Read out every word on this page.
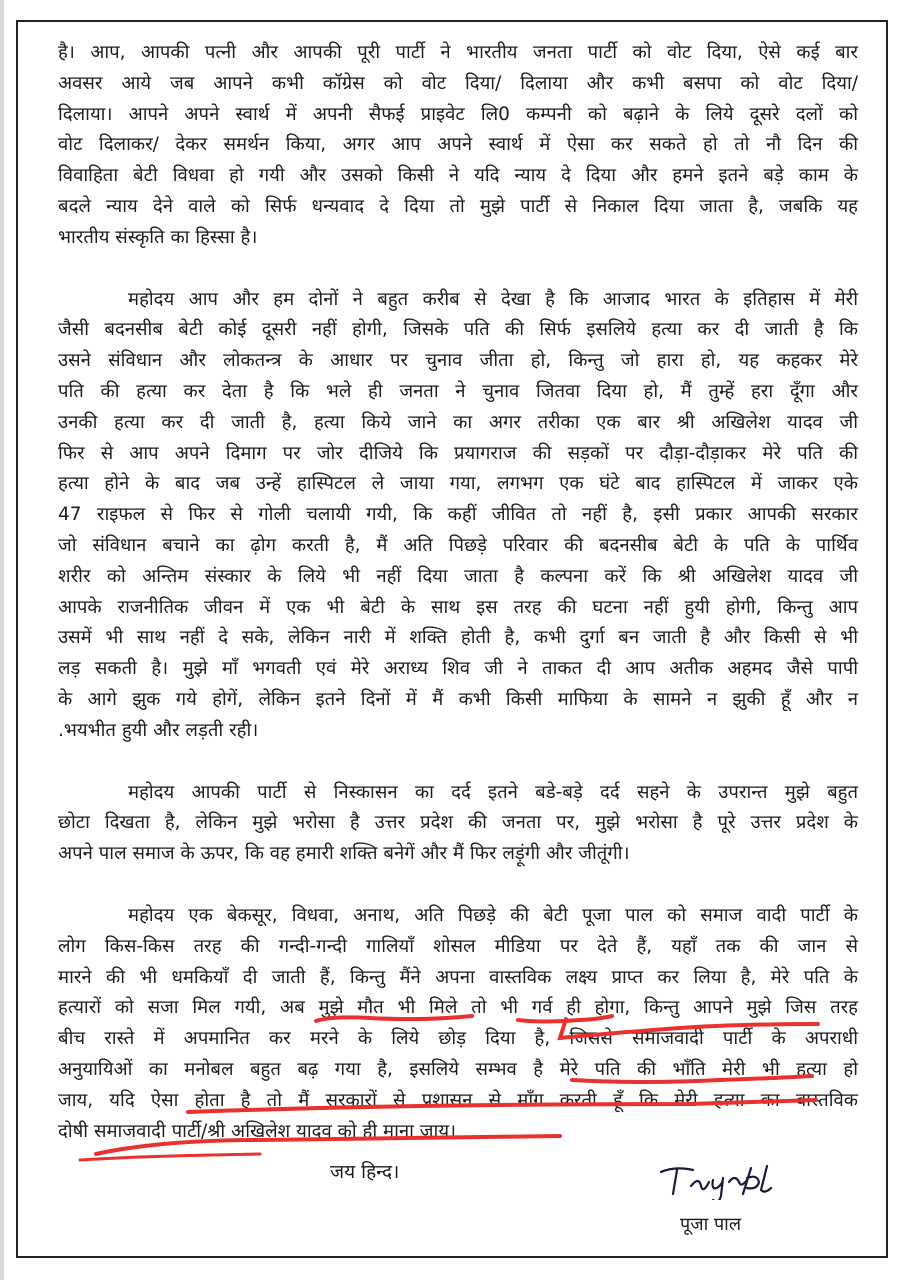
है। आप, आपकी पत्नी और आपकी पूरी पार्टी ने भारतीय जनता पार्टी को वोट दिया, ऐसे कई बार
अवसर आये जब आपने कभी कॉग्रेस को वोट दिया/ दिलाया और कभी बसपा को वोट दिया/
दिलाया। आपने अपने स्वार्थ में अपनी सैफई प्राइवेट लि0 कम्पनी को बढ़ाने के लिये दूसरे दलों को
वोट दिलाकर/ देकर समर्थन किया, अगर आप अपने स्वार्थ में ऐसा कर सकते हो तो नौ दिन की
विवाहिता बेटी विधवा हो गयी और उसको किसी ने यदि न्याय दे दिया और हमने इतने बड़े काम के
बदले न्याय देने वाले को सिर्फ धन्यवाद दे दिया तो मुझे पार्टी से निकाल दिया जाता है, जबकि यह
भारतीय संस्कृति का हिस्सा है।
महोदय आप और हम दोनों ने बहुत करीब से देखा है कि आजाद भारत के इतिहास में मेरी
जैसी बदनसीब बेटी कोई दूसरी नहीं होगी, जिसके पति की सिर्फ इसलिये हत्या कर दी जाती है कि
उसने संविधान और लोकतन्त्र के आधार पर चुनाव जीता हो, किन्तु जो हारा हो, यह कहकर मेरे
पति की हत्या कर देता है कि भले ही जनता ने चुनाव जितवा दिया हो, मैं तुम्हें हरा दूँगा और
उनकी हत्या कर दी जाती है, हत्या किये जाने का अगर तरीका एक बार श्री अखिलेश यादव जी
फिर से आप अपने दिमाग पर जोर दीजिये कि प्रयागराज की सड़कों पर दौड़ा-दौड़ाकर मेरे पति की
हत्या होने के बाद जब उन्हें हास्पिटल ले जाया गया, लगभग एक घंटे बाद हास्पिटल में जाकर एके
47 राइफल से फिर से गोली चलायी गयी, कि कहीं जीवित तो नहीं है, इसी प्रकार आपकी सरकार
जो संविधान बचाने का ढ़ोग करती है, मैं अति पिछड़े परिवार की बदनसीब बेटी के पति के पार्थिव
शरीर को अन्तिम संस्कार के लिये भी नहीं दिया जाता है कल्पना करें कि श्री अखिलेश यादव जी
आपके राजनीतिक जीवन में एक भी बेटी के साथ इस तरह की घटना नहीं हुयी होगी, किन्तु आप
उसमें भी साथ नहीं दे सके, लेकिन नारी में शक्ति होती है, कभी दुर्गा बन जाती है और किसी से भी
लड़ सकती है। मुझे माँ भगवती एवं मेरे अराध्य शिव जी ने ताकत दी आप अतीक अहमद जैसे पापी
के आगे झुक गये होगें, लेकिन इतने दिनों में मैं कभी किसी माफिया के सामने न झुकी हूँ और न
.भयभीत हुयी और लड़ती रही।
महोदय आपकी पार्टी से निस्कासन का दर्द इतने बडे-बड़े दर्द सहने के उपरान्त मुझे बहुत
छोटा दिखता है, लेकिन मुझे भरोसा है उत्तर प्रदेश की जनता पर, मुझे भरोसा है पूरे उत्तर प्रदेश के
अपने पाल समाज के ऊपर, कि वह हमारी शक्ति बनेगें और मैं फिर लड़ूंगी और जीतूंगी।
महोदय एक बेकसूर, विधवा, अनाथ, अति पिछड़े की बेटी पूजा पाल को समाज वादी पार्टी के
लोग किस-किस तरह की गन्दी-गन्दी गालियाँ शोसल मीडिया पर देते हैं, यहाँ तक की जान से
मारने की भी धमकियाँ दी जाती हैं, किन्तु मैंने अपना वास्तविक लक्ष्य प्राप्त कर लिया है, मेरे पति के
हत्यारों को सजा मिल गयी, अब मुझे मौत भी मिले तो भी गर्व ही होगा, किन्तु आपने मुझे जिस तरह
बीच रास्ते में अपमानित कर मरने के लिये छोड़ दिया है, जिससे समाजवादी पार्टी के अपराधी
अनुयायिओं का मनोबल बहुत बढ़ गया है, इसलिये सम्भव है मेरे पति की भाँति मेरी भी हत्या हो
जाय, यदि ऐसा होता है तो मैं सरकारों से प्रशासन से माँग करती हूँ कि मेरी हत्या का वास्तविक
दोषी समाजवादी पार्टी/श्री अखिलेश यादव को ही माना जाय।
जय हिन्द।
पूजा पाल
